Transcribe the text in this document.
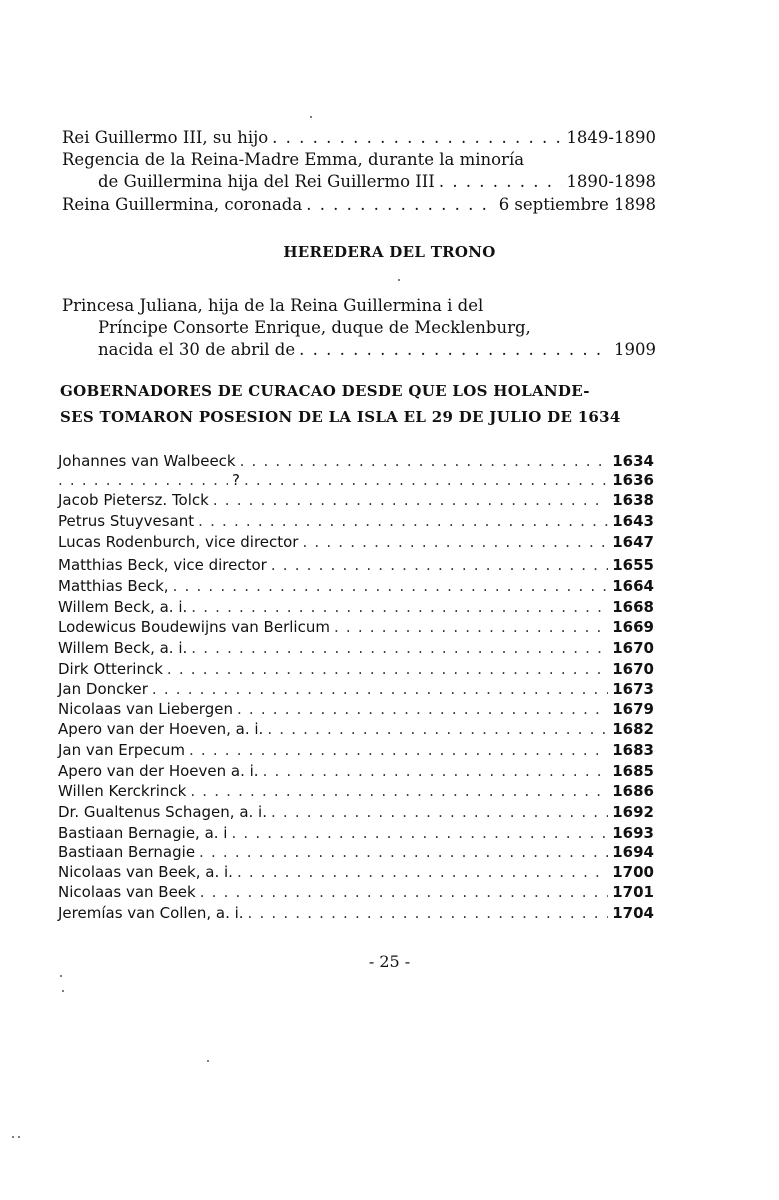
Rei Guillermo III, su hijo . . .	1849-1890
Regencia de la Reina-Madre Emma, durante la minoría
de Guillermina hija del Rei Guillermo III . . .	1890-1898
Reina Guillermina, coronada . . .	6 septiembre 1898
HEREDERA DEL TRONO
Princesa Juliana, hija de la Reina Guillermina i del
Príncipe Consorte Enrique, duque de Mecklenburg,
nacida el 30 de abril de . . .	1909
GOBERNADORES DE CURACAO DESDE QUE LOS HOLANDE-
SES TOMARON POSESION DE LA ISLA EL 29 DE JULIO DE 1634
Johannes van Walbeeck . . .	1634
. . .
? . . .	1636
Jacob Pietersz. Tolck . . .	1638
Petrus Stuyvesant . . .	1643
Lucas Rodenburch, vice director . . .	1647
Matthias Beck, vice director . . .	1655
Matthias Beck, . . .	1664
Willem Beck, a. i. . . .	1668
Lodewicus Boudewijns van Berlicum . . .	1669
Willem Beck, a. i. . . .	1670
Dirk Otterinck . . .	1670
Jan Doncker . . .	1673
Nicolaas van Liebergen . . .	1679
Apero van der Hoeven, a. i. . . .	1682
Jan van Erpecum . . .	1683
Apero van der Hoeven a. i. . . .	1685
Willen Kerckrinck . . .	1686
Dr. Gualtenus Schagen, a. i. . . .	1692
Bastiaan Bernagie, a. i . . .	1693
Bastiaan Bernagie . . .	1694
Nicolaas van Beek, a. i. . . .	1700
Nicolaas van Beek . . .	1701
Jeremías van Collen, a. i. . . .	1704
- 25 -
